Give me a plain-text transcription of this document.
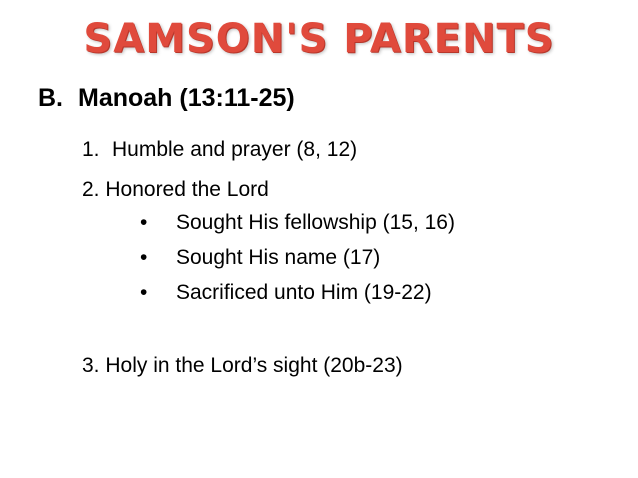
SAMSON'S PARENTS
B. Manoah (13:11-25)
1. Humble and prayer (8, 12)
2. Honored the Lord
• Sought His fellowship (15, 16)
• Sought His name (17)
• Sacrificed unto Him (19-22)
3. Holy in the Lord’s sight (20b-23)
